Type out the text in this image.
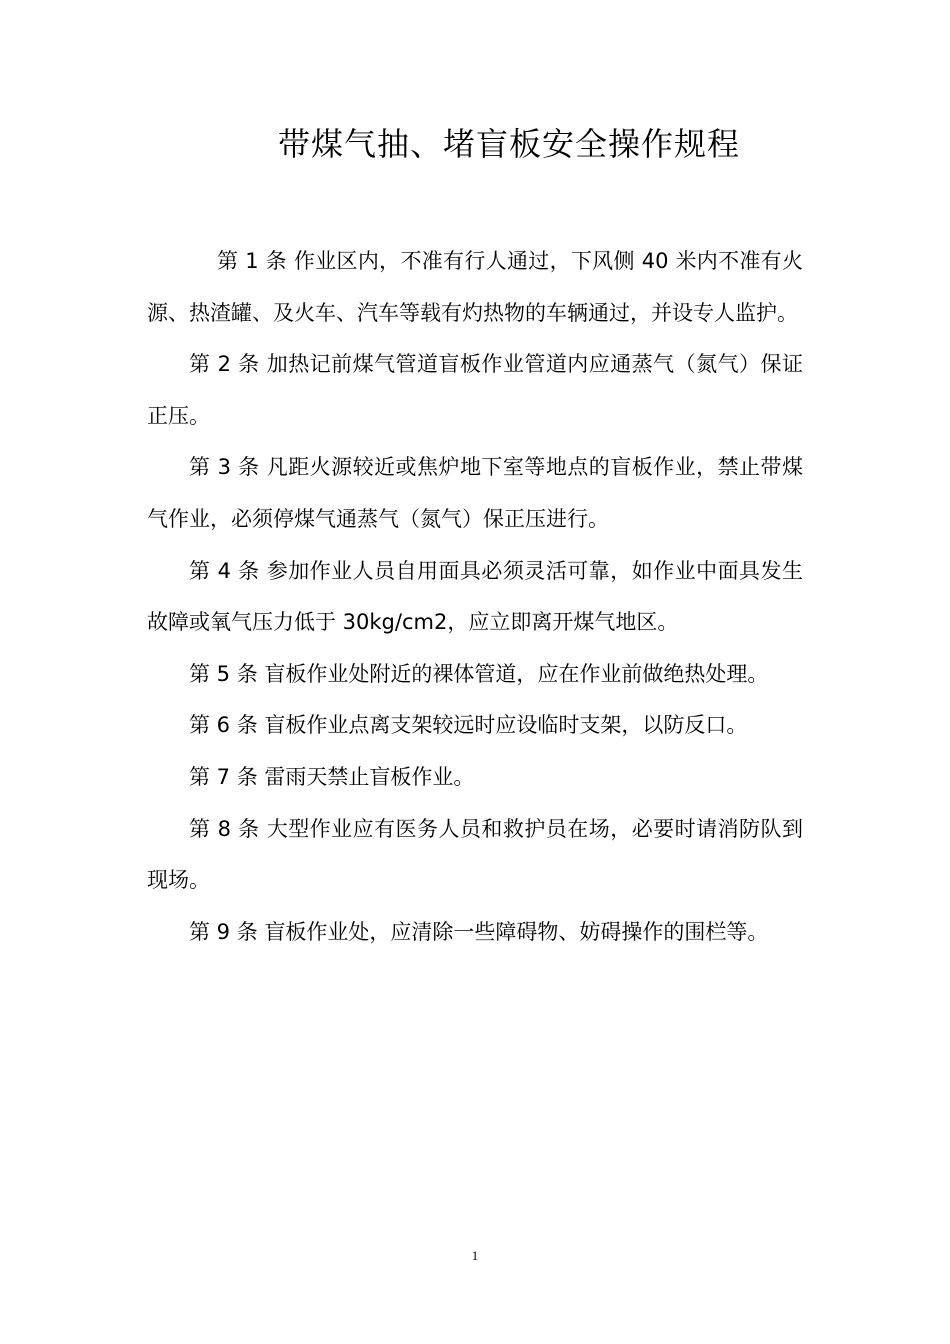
带煤气抽、堵盲板安全操作规程

第 1 条 作业区内，不准有行人通过，下风侧 40 米内不准有火源、热渣罐、及火车、汽车等载有灼热物的车辆通过，并设专人监护。

第 2 条 加热记前煤气管道盲板作业管道内应通蒸气（氮气）保证正压。

第 3 条 凡距火源较近或焦炉地下室等地点的盲板作业，禁止带煤气作业，必须停煤气通蒸气（氮气）保正压进行。

第 4 条 参加作业人员自用面具必须灵活可靠，如作业中面具发生故障或氧气压力低于 30kg/cm2，应立即离开煤气地区。

第 5 条 盲板作业处附近的裸体管道，应在作业前做绝热处理。

第 6 条 盲板作业点离支架较远时应设临时支架，以防反口。

第 7 条 雷雨天禁止盲板作业。

第 8 条 大型作业应有医务人员和救护员在场，必要时请消防队到现场。

第 9 条 盲板作业处，应清除一些障碍物、妨碍操作的围栏等。

1
